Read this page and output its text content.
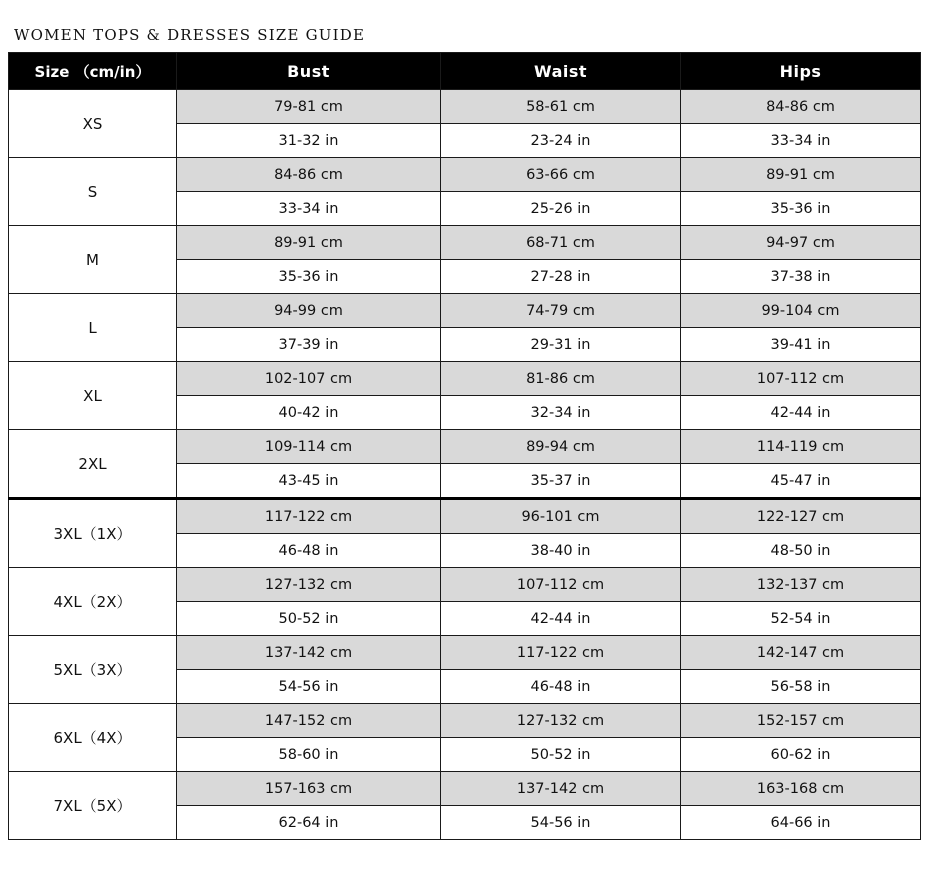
WOMEN TOPS & DRESSES SIZE GUIDE
Size （cm/in）	Bust	Waist	Hips
XS	79-81 cm	58-61 cm	84-86 cm
	31-32 in	23-24 in	33-34 in
S	84-86 cm	63-66 cm	89-91 cm
	33-34 in	25-26 in	35-36 in
M	89-91 cm	68-71 cm	94-97 cm
	35-36 in	27-28 in	37-38 in
L	94-99 cm	74-79 cm	99-104 cm
	37-39 in	29-31 in	39-41 in
XL	102-107 cm	81-86 cm	107-112 cm
	40-42 in	32-34 in	42-44 in
2XL	109-114 cm	89-94 cm	114-119 cm
	43-45 in	35-37 in	45-47 in
3XL（1X）	117-122 cm	96-101 cm	122-127 cm
	46-48 in	38-40 in	48-50 in
4XL（2X）	127-132 cm	107-112 cm	132-137 cm
	50-52 in	42-44 in	52-54 in
5XL（3X）	137-142 cm	117-122 cm	142-147 cm
	54-56 in	46-48 in	56-58 in
6XL（4X）	147-152 cm	127-132 cm	152-157 cm
	58-60 in	50-52 in	60-62 in
7XL（5X）	157-163 cm	137-142 cm	163-168 cm
	62-64 in	54-56 in	64-66 in
